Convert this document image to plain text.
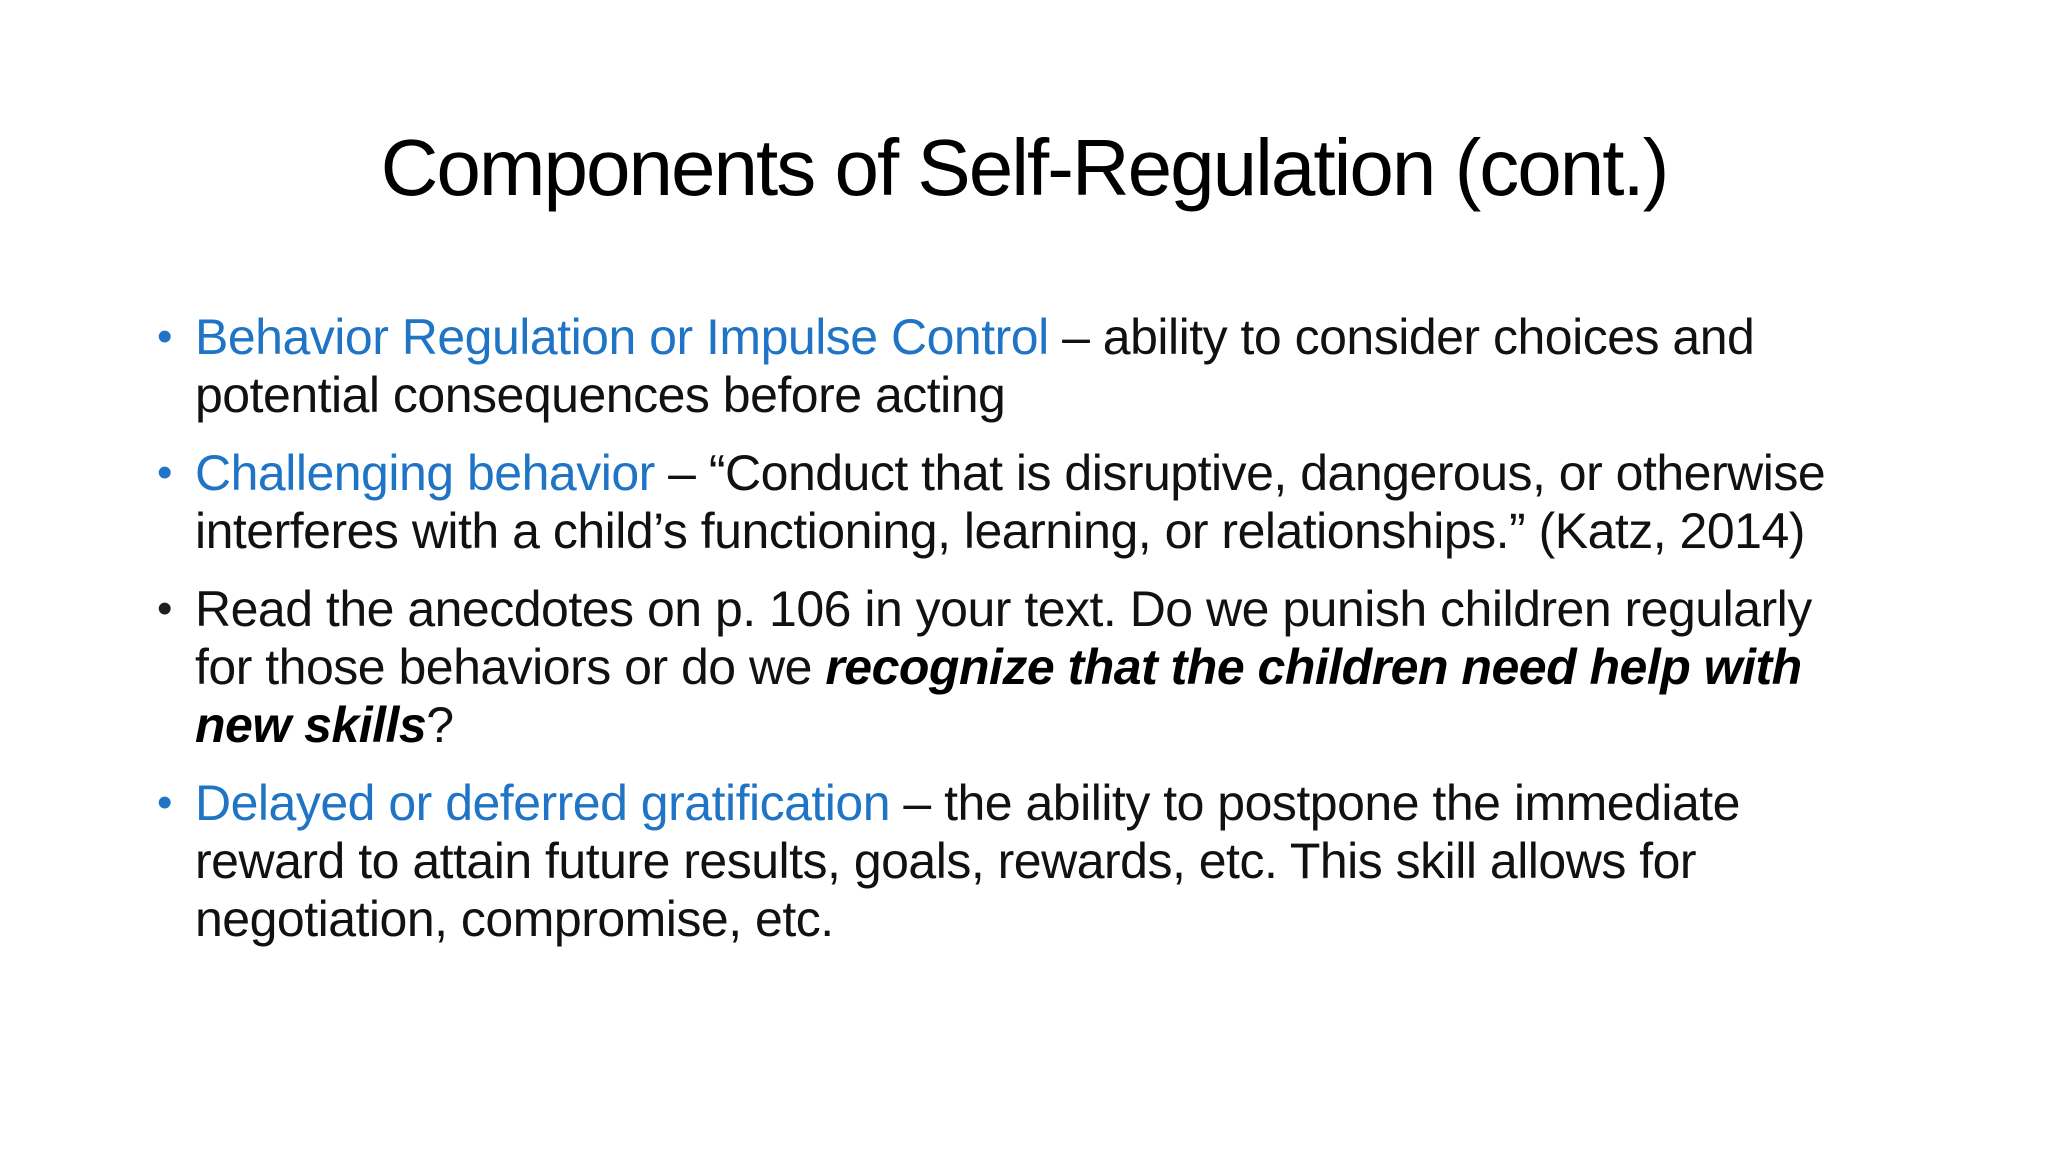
Components of Self-Regulation (cont.)
• Behavior Regulation or Impulse Control – ability to consider choices and potential consequences before acting
• Challenging behavior – “Conduct that is disruptive, dangerous, or otherwise interferes with a child’s functioning, learning, or relationships.” (Katz, 2014)
• Read the anecdotes on p. 106 in your text. Do we punish children regularly for those behaviors or do we recognize that the children need help with new skills?
• Delayed or deferred gratification – the ability to postpone the immediate reward to attain future results, goals, rewards, etc. This skill allows for negotiation, compromise, etc.
